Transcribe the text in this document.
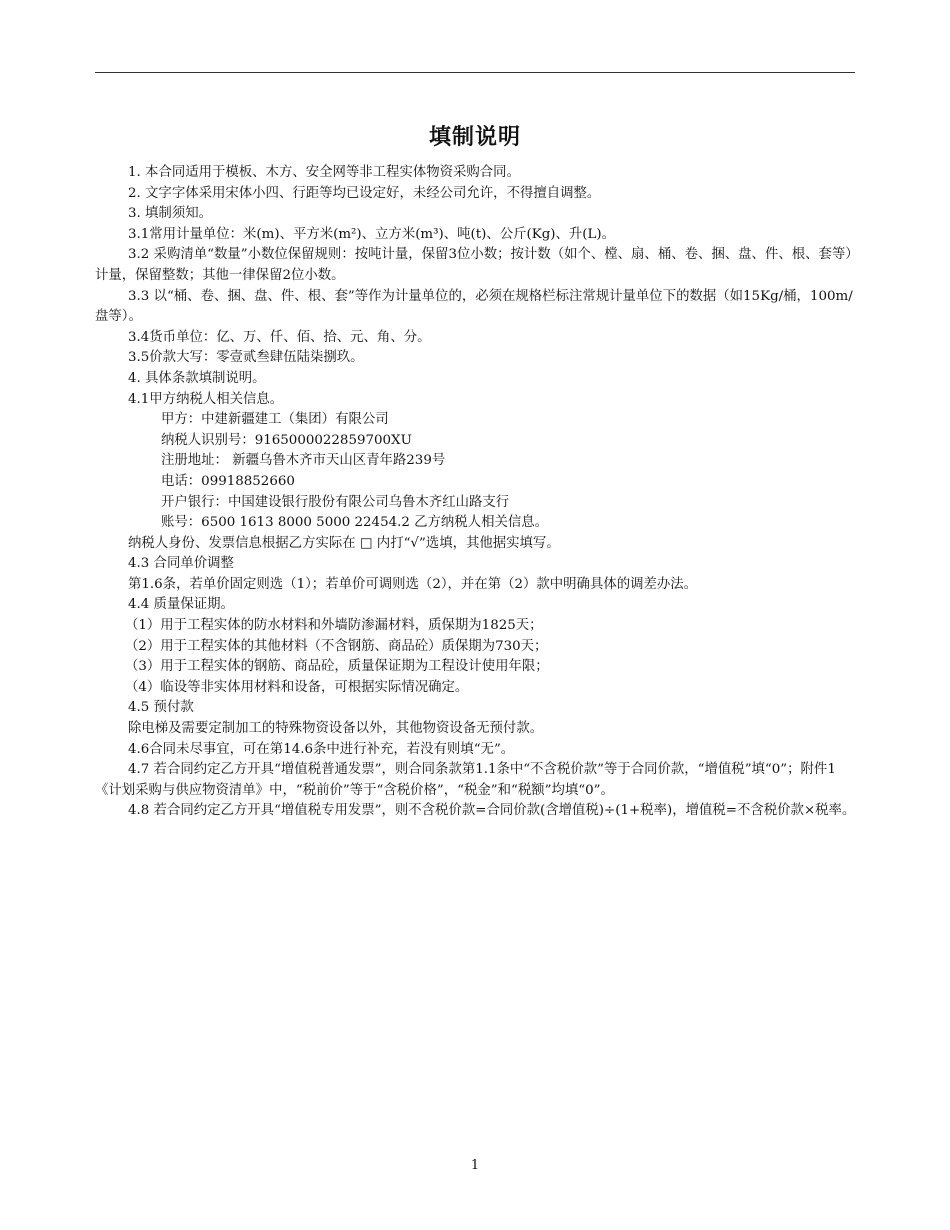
填制说明

1. 本合同适用于模板、木方、安全网等非工程实体物资采购合同。

2. 文字字体采用宋体小四、行距等均已设定好，未经公司允许，不得擅自调整。

3. 填制须知。

3.1常用计量单位：米(m)、平方米(m²)、立方米(m³)、吨(t)、公斤(Kg)、升(L)。

3.2 采购清单“数量”小数位保留规则：按吨计量，保留3位小数；按计数（如个、樘、扇、桶、卷、捆、盘、件、根、套等）计量，保留整数；其他一律保留2位小数。

3.3 以“桶、卷、捆、盘、件、根、套”等作为计量单位的，必须在规格栏标注常规计量单位下的数据（如15Kg/桶，100m/盘等）。

3.4货币单位：亿、万、仟、佰、拾、元、角、分。

3.5价款大写：零壹贰叁肆伍陆柒捌玖。

4. 具体条款填制说明。

4.1甲方纳税人相关信息。

甲方：中建新疆建工（集团）有限公司

纳税人识别号：9165000022859700XU

注册地址： 新疆乌鲁木齐市天山区青年路239号

电话：09918852660

开户银行：中国建设银行股份有限公司乌鲁木齐红山路支行

账号：6500 1613 8000 5000 22454.2 乙方纳税人相关信息。

纳税人身份、发票信息根据乙方实际在 □ 内打“√”选填，其他据实填写。

4.3 合同单价调整

第1.6条，若单价固定则选（1）；若单价可调则选（2），并在第（2）款中明确具体的调差办法。

4.4 质量保证期。

（1）用于工程实体的防水材料和外墙防渗漏材料，质保期为1825天；

（2）用于工程实体的其他材料（不含钢筋、商品砼）质保期为730天；

（3）用于工程实体的钢筋、商品砼，质量保证期为工程设计使用年限；

（4）临设等非实体用材料和设备，可根据实际情况确定。

4.5 预付款

除电梯及需要定制加工的特殊物资设备以外，其他物资设备无预付款。

4.6合同未尽事宜，可在第14.6条中进行补充，若没有则填“无”。

4.7 若合同约定乙方开具“增值税普通发票”，则合同条款第1.1条中“不含税价款”等于合同价款，“增值税”填“0”；附件1《计划采购与供应物资清单》中，“税前价”等于“含税价格”，“税金”和“税额”均填“0”。

4.8 若合同约定乙方开具“增值税专用发票”，则不含税价款=合同价款(含增值税)÷(1+税率)，增值税=不含税价款×税率。

1
